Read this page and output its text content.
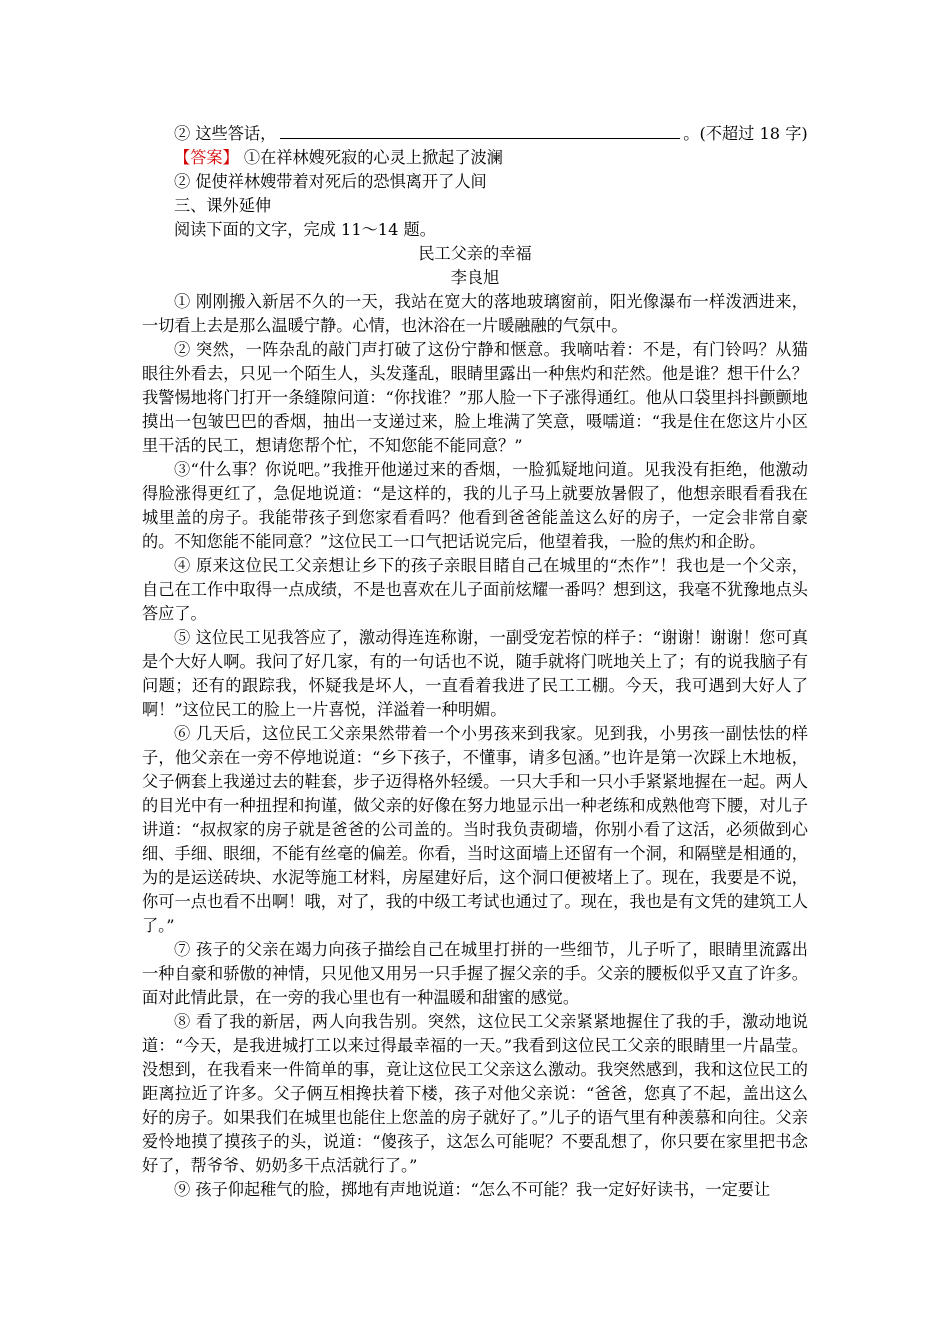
② 这些答话，	。(不超过 18 字)
【答案】 ①在祥林嫂死寂的心灵上掀起了波澜
② 促使祥林嫂带着对死后的恐惧离开了人间
三、课外延伸
阅读下面的文字，完成 11～14 题。
民工父亲的幸福
李良旭

① 刚刚搬入新居不久的一天，我站在宽大的落地玻璃窗前，阳光像瀑布一样泼洒进来，一切看上去是那么温暖宁静。心情，也沐浴在一片暖融融的气氛中。

② 突然，一阵杂乱的敲门声打破了这份宁静和惬意。我嘀咕着：不是，有门铃吗？从猫眼往外看去，只见一个陌生人，头发蓬乱，眼睛里露出一种焦灼和茫然。他是谁？想干什么？我警惕地将门打开一条缝隙问道：“你找谁？”那人脸一下子涨得通红。他从口袋里抖抖颤颤地摸出一包皱巴巴的香烟，抽出一支递过来，脸上堆满了笑意，嗫嚅道：“我是住在您这片小区里干活的民工，想请您帮个忙，不知您能不能同意？”

③“什么事？你说吧。”我推开他递过来的香烟，一脸狐疑地问道。见我没有拒绝，他激动得脸涨得更红了，急促地说道：“是这样的，我的儿子马上就要放暑假了，他想亲眼看看我在城里盖的房子。我能带孩子到您家看看吗？他看到爸爸能盖这么好的房子，一定会非常自豪的。不知您能不能同意？”这位民工一口气把话说完后，他望着我，一脸的焦灼和企盼。

④ 原来这位民工父亲想让乡下的孩子亲眼目睹自己在城里的“杰作”！我也是一个父亲，自己在工作中取得一点成绩，不是也喜欢在儿子面前炫耀一番吗？想到这，我毫不犹豫地点头答应了。

⑤ 这位民工见我答应了，激动得连连称谢，一副受宠若惊的样子：“谢谢！谢谢！您可真是个大好人啊。我问了好几家，有的一句话也不说，随手就将门咣地关上了；有的说我脑子有问题；还有的跟踪我，怀疑我是坏人，一直看着我进了民工工棚。今天，我可遇到大好人了啊！”这位民工的脸上一片喜悦，洋溢着一种明媚。

⑥ 几天后，这位民工父亲果然带着一个小男孩来到我家。见到我，小男孩一副怯怯的样子，他父亲在一旁不停地说道：“乡下孩子，不懂事，请多包涵。”也许是第一次踩上木地板，父子俩套上我递过去的鞋套，步子迈得格外轻缓。一只大手和一只小手紧紧地握在一起。两人的目光中有一种扭捏和拘谨，做父亲的好像在努力地显示出一种老练和成熟他弯下腰，对儿子讲道：“叔叔家的房子就是爸爸的公司盖的。当时我负责砌墙，你别小看了这活，必须做到心细、手细、眼细，不能有丝毫的偏差。你看，当时这面墙上还留有一个洞，和隔壁是相通的，为的是运送砖块、水泥等施工材料，房屋建好后，这个洞口便被堵上了。现在，我要是不说，你可一点也看不出啊！哦，对了，我的中级工考试也通过了。现在，我也是有文凭的建筑工人了。”

⑦ 孩子的父亲在竭力向孩子描绘自己在城里打拼的一些细节，儿子听了，眼睛里流露出一种自豪和骄傲的神情，只见他又用另一只手握了握父亲的手。父亲的腰板似乎又直了许多。面对此情此景，在一旁的我心里也有一种温暖和甜蜜的感觉。

⑧ 看了我的新居，两人向我告别。突然，这位民工父亲紧紧地握住了我的手，激动地说道：“今天，是我进城打工以来过得最幸福的一天。”我看到这位民工父亲的眼睛里一片晶莹。没想到，在我看来一件简单的事，竟让这位民工父亲这么激动。我突然感到，我和这位民工的距离拉近了许多。父子俩互相搀扶着下楼，孩子对他父亲说：“爸爸，您真了不起，盖出这么好的房子。如果我们在城里也能住上您盖的房子就好了。”儿子的语气里有种羡慕和向往。父亲爱怜地摸了摸孩子的头，说道：“傻孩子，这怎么可能呢？不要乱想了，你只要在家里把书念好了，帮爷爷、奶奶多干点活就行了。”

⑨ 孩子仰起稚气的脸，掷地有声地说道：“怎么不可能？我一定好好读书，一定要让
